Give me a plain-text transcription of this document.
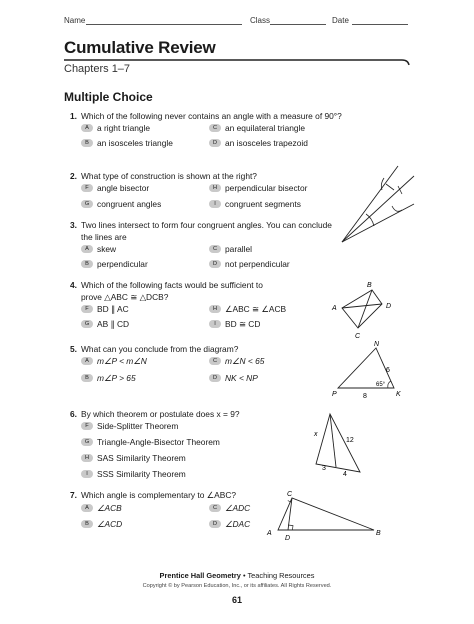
Name	Class	Date
Cumulative Review
Chapters 1–7
Multiple Choice
1. Which of the following never contains an angle with a measure of 90°?
A a right triangle	C an equilateral triangle
B an isosceles triangle	D an isosceles trapezoid
2. What type of construction is shown at the right?
F angle bisector	H perpendicular bisector
G congruent angles	I	congruent segments
3. Two lines intersect to form four congruent angles. You can conclude
the lines are
A skew	C parallel
B perpendicular	D not perpendicular
4. Which of the following facts would be sufficient to
prove △ABC ≅ △DCB?
F BD ∥ AC	H ∠ABC ≅ ∠ACB
G AB ∥ CD	I	BD ≅ CD
A
B
C
D
5. What can you conclude from the diagram?
A m∠P < m∠N	C m∠N < 65
B m∠P > 65	D NK < NP
N
P	K
6
8
65°
6. By which theorem or postulate does x = 9?
F Side-Splitter Theorem
G Triangle-Angle-Bisector Theorem
H SAS Similarity Theorem
I	SSS Similarity Theorem
x
12
3
4
7. Which angle is complementary to ∠ABC?
A ∠ACB	C ∠ADC
B ∠ACD	D ∠DAC
A
C
B
D
Prentice Hall Geometry • Teaching Resources
Copyright © by Pearson Education, Inc., or its affiliates. All Rights Reserved.
61
